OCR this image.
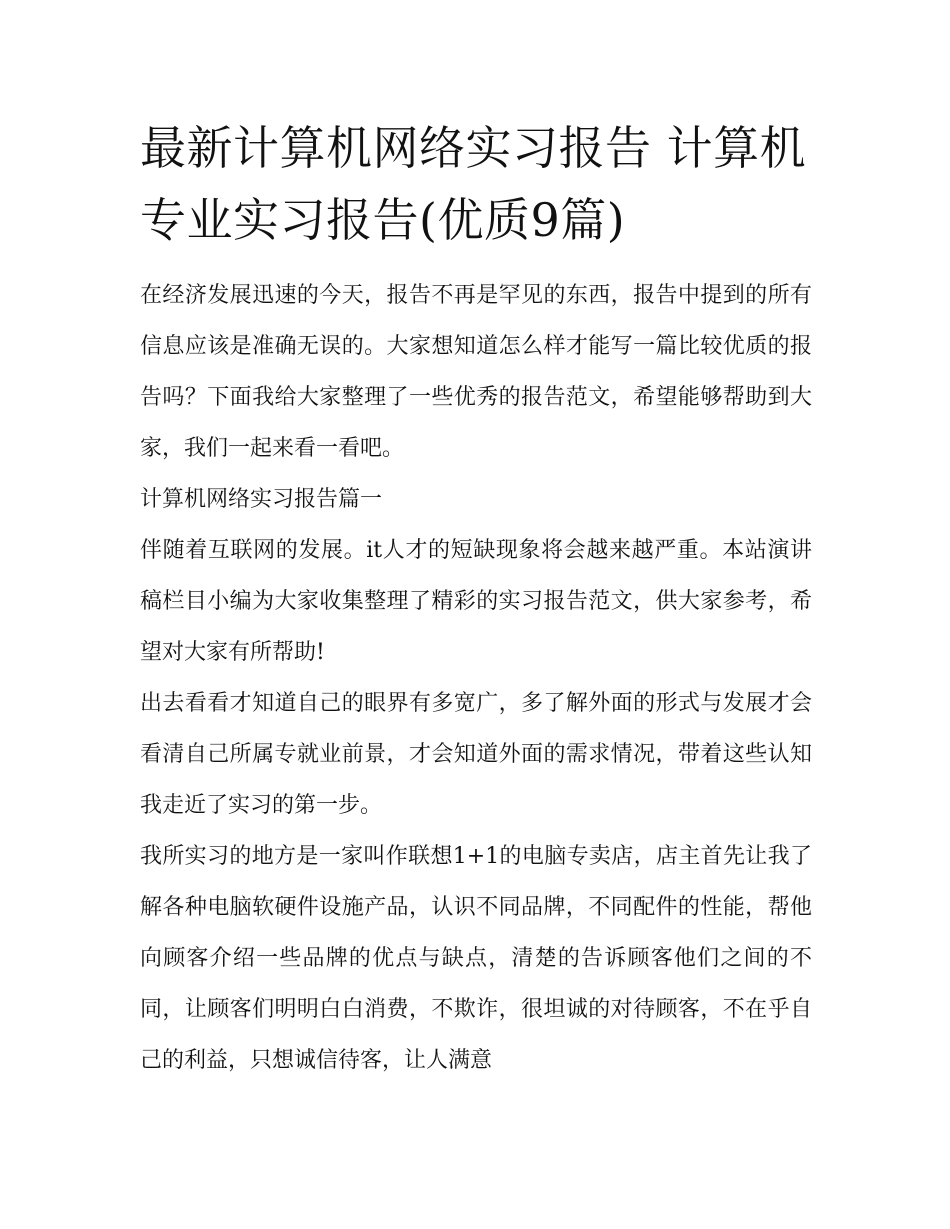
最新计算机网络实习报告 计算机专业实习报告(优质9篇)

在经济发展迅速的今天，报告不再是罕见的东西，报告中提到的所有信息应该是准确无误的。大家想知道怎么样才能写一篇比较优质的报告吗？下面我给大家整理了一些优秀的报告范文，希望能够帮助到大家，我们一起来看一看吧。

计算机网络实习报告篇一

伴随着互联网的发展。it人才的短缺现象将会越来越严重。本站演讲稿栏目小编为大家收集整理了精彩的实习报告范文，供大家参考，希望对大家有所帮助!

出去看看才知道自己的眼界有多宽广，多了解外面的形式与发展才会看清自己所属专就业前景，才会知道外面的需求情况，带着这些认知我走近了实习的第一步。

我所实习的地方是一家叫作联想1+1的电脑专卖店，店主首先让我了解各种电脑软硬件设施产品，认识不同品牌，不同配件的性能，帮他向顾客介绍一些品牌的优点与缺点，清楚的告诉顾客他们之间的不同，让顾客们明明白白消费，不欺诈，很坦诚的对待顾客，不在乎自己的利益，只想诚信待客，让人满意
